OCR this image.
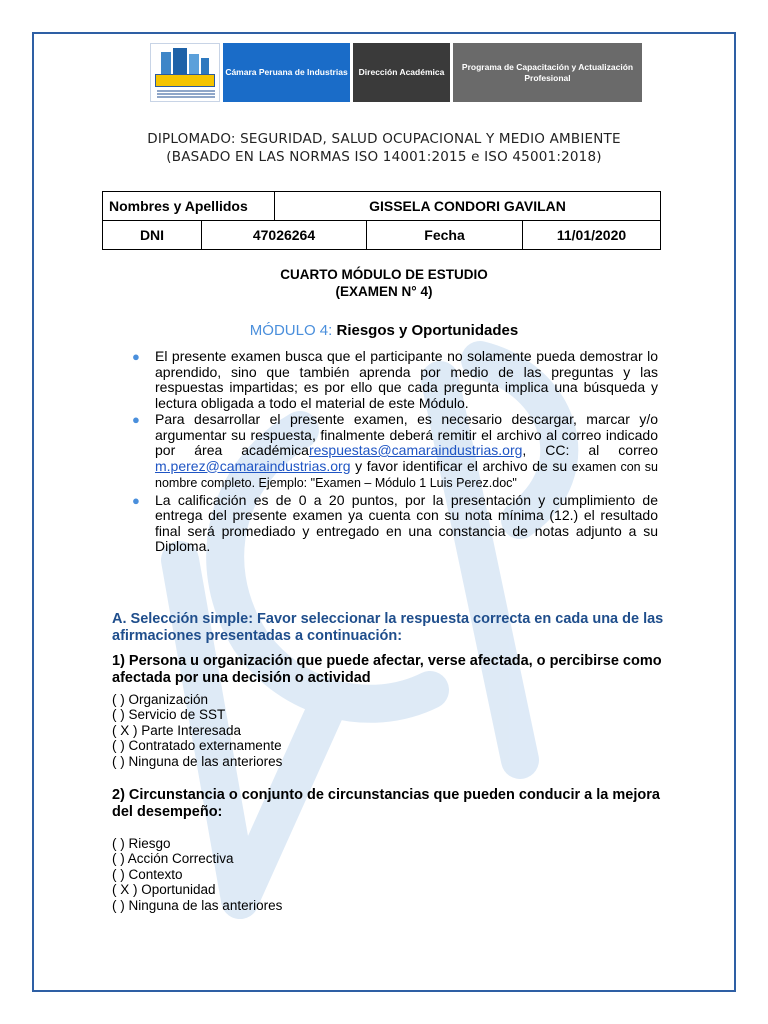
Cámara Peruana de Industrias	Dirección Académica
Programa de Capacitación y Actualización Profesional
DIPLOMADO: SEGURIDAD, SALUD OCUPACIONAL Y MEDIO AMBIENTE
(BASADO EN LAS NORMAS ISO 14001:2015 e ISO 45001:2018)
Nombres y Apellidos	GISSELA CONDORI GAVILAN
DNI	47026264	Fecha	11/01/2020
CUARTO MÓDULO DE ESTUDIO
(EXAMEN N° 4)
MÓDULO 4: Riesgos y Oportunidades
● El presente examen busca que el participante no solamente pueda demostrar lo aprendido, sino que también aprenda por medio de las preguntas y las respuestas impartidas; es por ello que cada pregunta implica una búsqueda y lectura obligada a todo el material de este Módulo.
● Para desarrollar el presente examen, es necesario descargar, marcar y/o argumentar su respuesta, finalmente deberá remitir el archivo al correo indicado por área académicarespuestas@camaraindustrias.org, CC: al correo m.perez@camaraindustrias.org y favor identificar el archivo de su examen con su nombre completo. Ejemplo: "Examen – Módulo 1 Luis Perez.doc"
● La calificación es de 0 a 20 puntos, por la presentación y cumplimiento de entrega del presente examen ya cuenta con su nota mínima (12.) el resultado final será promediado y entregado en una constancia de notas adjunto a su Diploma.
A. Selección simple: Favor seleccionar la respuesta correcta en cada una de las afirmaciones presentadas a continuación:
1) Persona u organización que puede afectar, verse afectada, o percibirse como afectada por una decisión o actividad
( ) Organización
( ) Servicio de SST
( X ) Parte Interesada
( ) Contratado externamente
( ) Ninguna de las anteriores
2) Circunstancia o conjunto de circunstancias que pueden conducir a la mejora del desempeño:
( ) Riesgo
( ) Acción Correctiva
( ) Contexto
( X ) Oportunidad
( ) Ninguna de las anteriores
